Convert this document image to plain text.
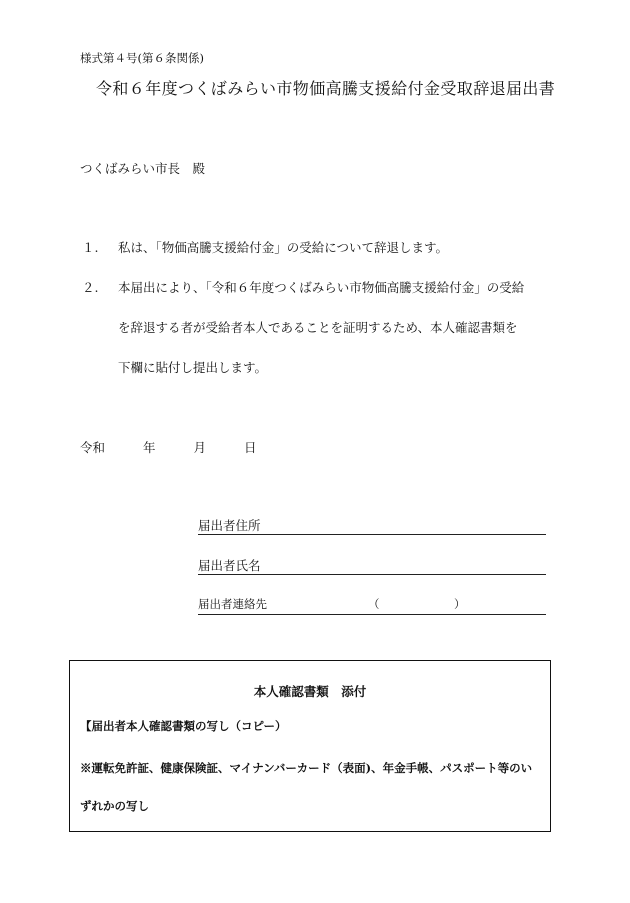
様式第４号(第６条関係)
令和６年度つくばみらい市物価高騰支援給付金受取辞退届出書
つくばみらい市長　殿
１. 私は、「物価高騰支援給付金」の受給について辞退します。
２. 本届出により、「令和６年度つくばみらい市物価高騰支援給付金」の受給
を辞退する者が受給者本人であることを証明するため、本人確認書類を
下欄に貼付し提出します。
令和	年	月	日
届出者住所
届出者氏名
届出者連絡先	（	）
本人確認書類　添付
【届出者本人確認書類の写し（コピー）
※運転免許証、健康保険証、マイナンバーカード（表面)、年金手帳、パスポート等のい
ずれかの写し
